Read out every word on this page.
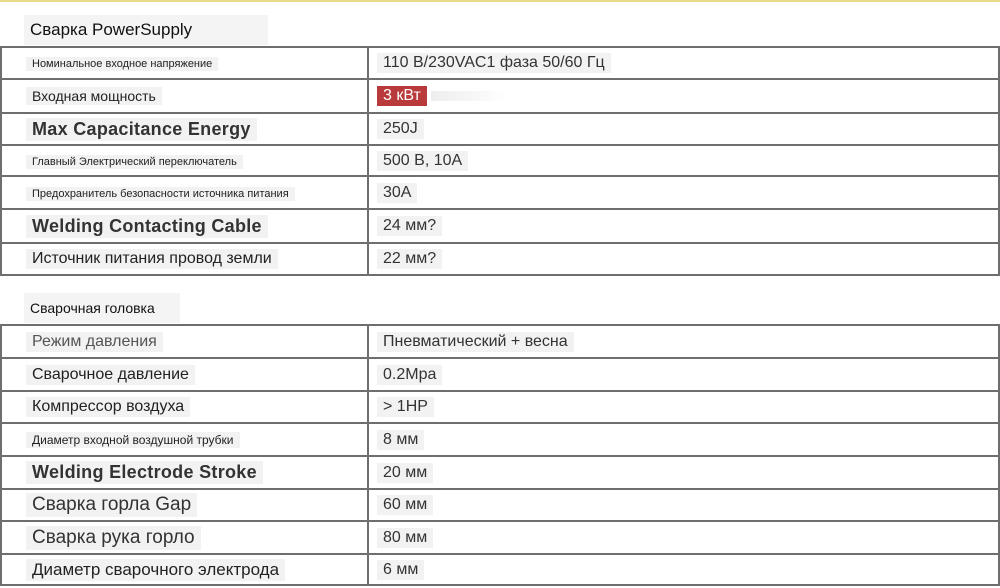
Сварка PowerSupply
Номинальное входное напряжение	110 В/230VAC1 фаза 50/60 Гц
Входная мощность	3 кВт
Max Capacitance Energy	250J
Главный Электрический переключатель	500 В, 10А
Предохранитель безопасности источника питания	30A
Welding Contacting Cable	24 мм?
Источник питания провод земли	22 мм?
Сварочная головка
Режим давления	Пневматический + весна
Сварочное давление	0.2Mpa
Компрессор воздуха	> 1HP
Диаметр входной воздушной трубки	8 мм
Welding Electrode Stroke	20 мм
Сварка горла Gap	60 мм
Сварка рука горло	80 мм
Диаметр сварочного электрода	6 мм
